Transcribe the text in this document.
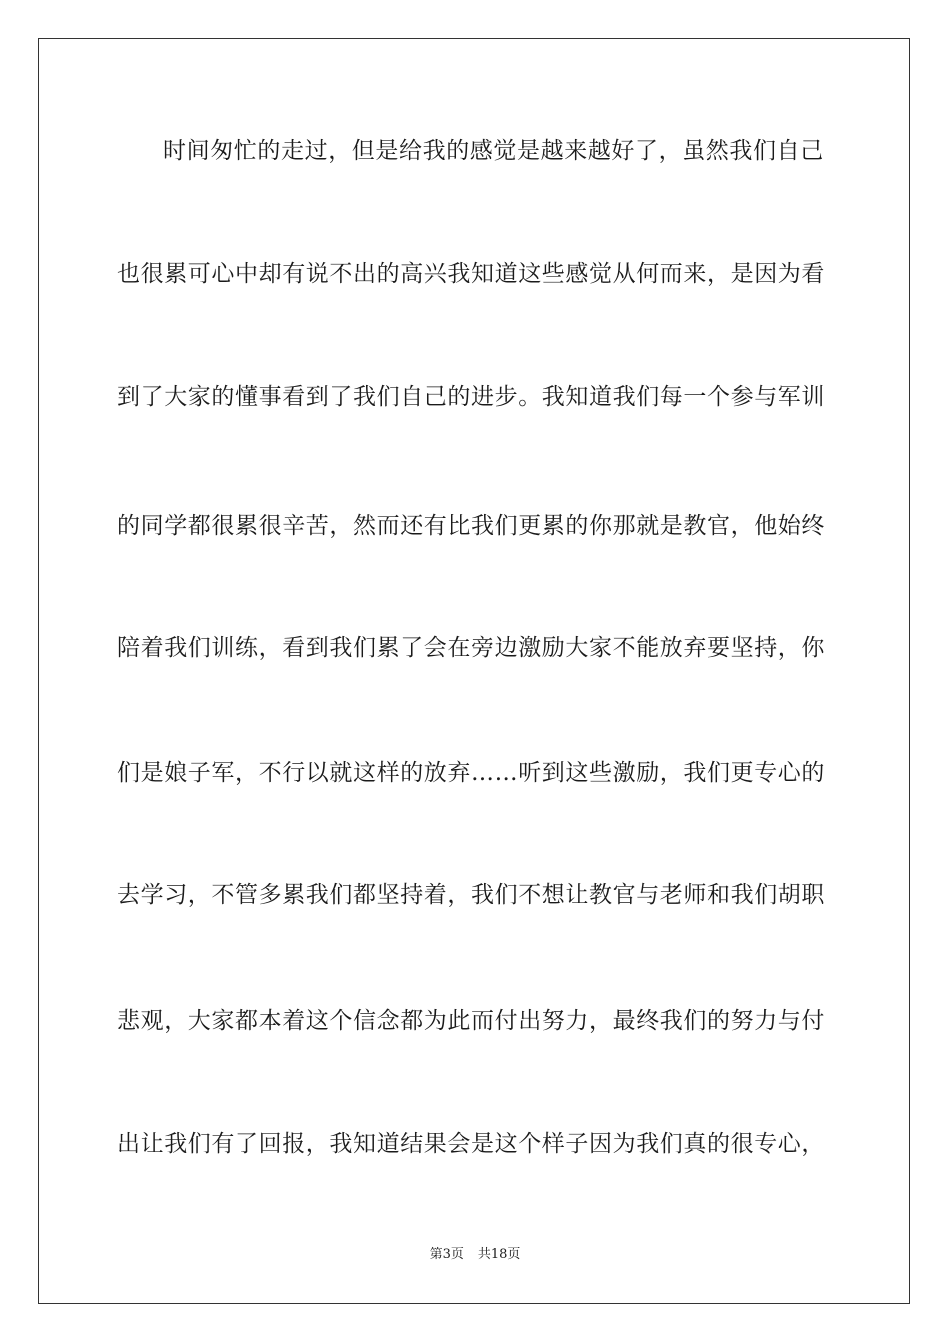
时间匆忙的走过，但是给我的感觉是越来越好了，虽然我们自己
也很累可心中却有说不出的高兴我知道这些感觉从何而来，是因为看
到了大家的懂事看到了我们自己的进步。我知道我们每一个参与军训
的同学都很累很辛苦，然而还有比我们更累的你那就是教官，他始终
陪着我们训练，看到我们累了会在旁边激励大家不能放弃要坚持，你
们是娘子军，不行以就这样的放弃……听到这些激励，我们更专心的
去学习，不管多累我们都坚持着，我们不想让教官与老师和我们胡职
悲观，大家都本着这个信念都为此而付出努力，最终我们的努力与付
出让我们有了回报，我知道结果会是这个样子因为我们真的很专心，
第3页 共18页
